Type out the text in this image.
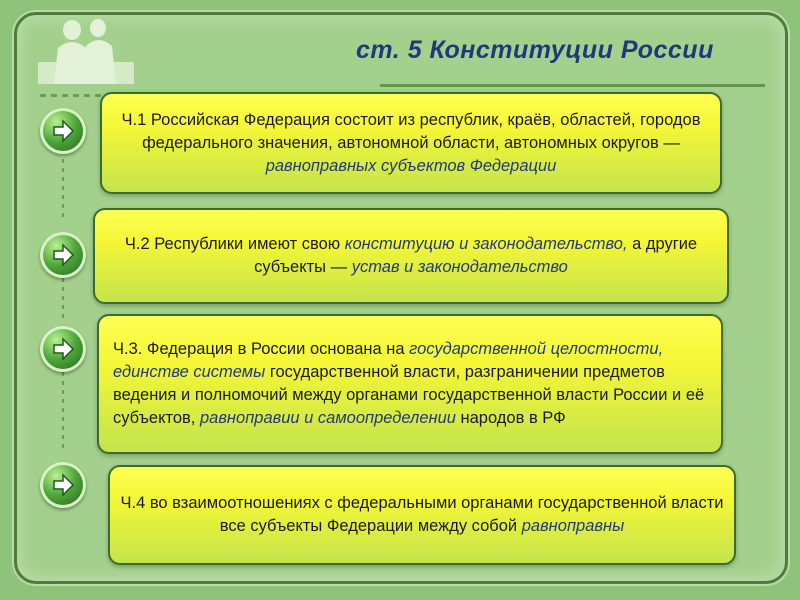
ст. 5 Конституции России

Ч.1 Российская Федерация состоит из республик, краёв, областей, городов федерального значения, автономной области, автономных округов — равноправных субъектов Федерации

Ч.2 Республики имеют свою конституцию и законодательство, а другие субъекты — устав и законодательство

Ч.3. Федерация в России основана на государственной целостности, единстве системы государственной власти, разграничении предметов ведения и полномочий между органами государственной власти России и её субъектов, равноправии и самоопределении народов в РФ

Ч.4 во взаимоотношениях с федеральными органами государственной власти все субъекты Федерации между собой равноправны
